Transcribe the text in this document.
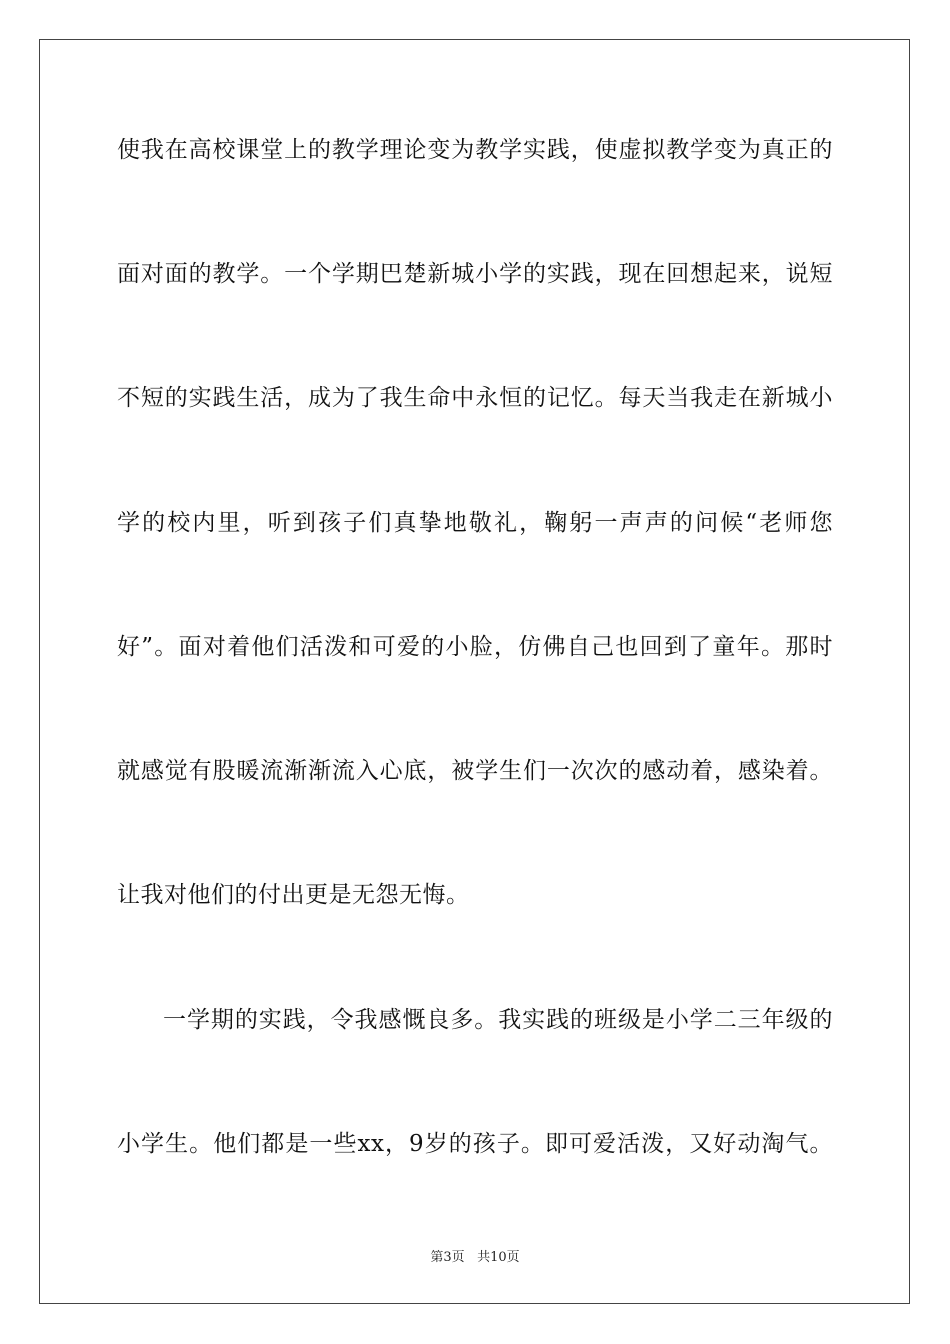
使我在高校课堂上的教学理论变为教学实践，使虚拟教学变为真正的
面对面的教学。一个学期巴楚新城小学的实践，现在回想起来，说短
不短的实践生活，成为了我生命中永恒的记忆。每天当我走在新城小
学的校内里，听到孩子们真挚地敬礼，鞠躬一声声的问候“老师您
好”。面对着他们活泼和可爱的小脸，仿佛自己也回到了童年。那时
就感觉有股暖流渐渐流入心底，被学生们一次次的感动着，感染着。
让我对他们的付出更是无怨无悔。
一学期的实践，令我感慨良多。我实践的班级是小学二三年级的
小学生。他们都是一些xx，9岁的孩子。即可爱活泼，又好动淘气。
第3页 共10页
